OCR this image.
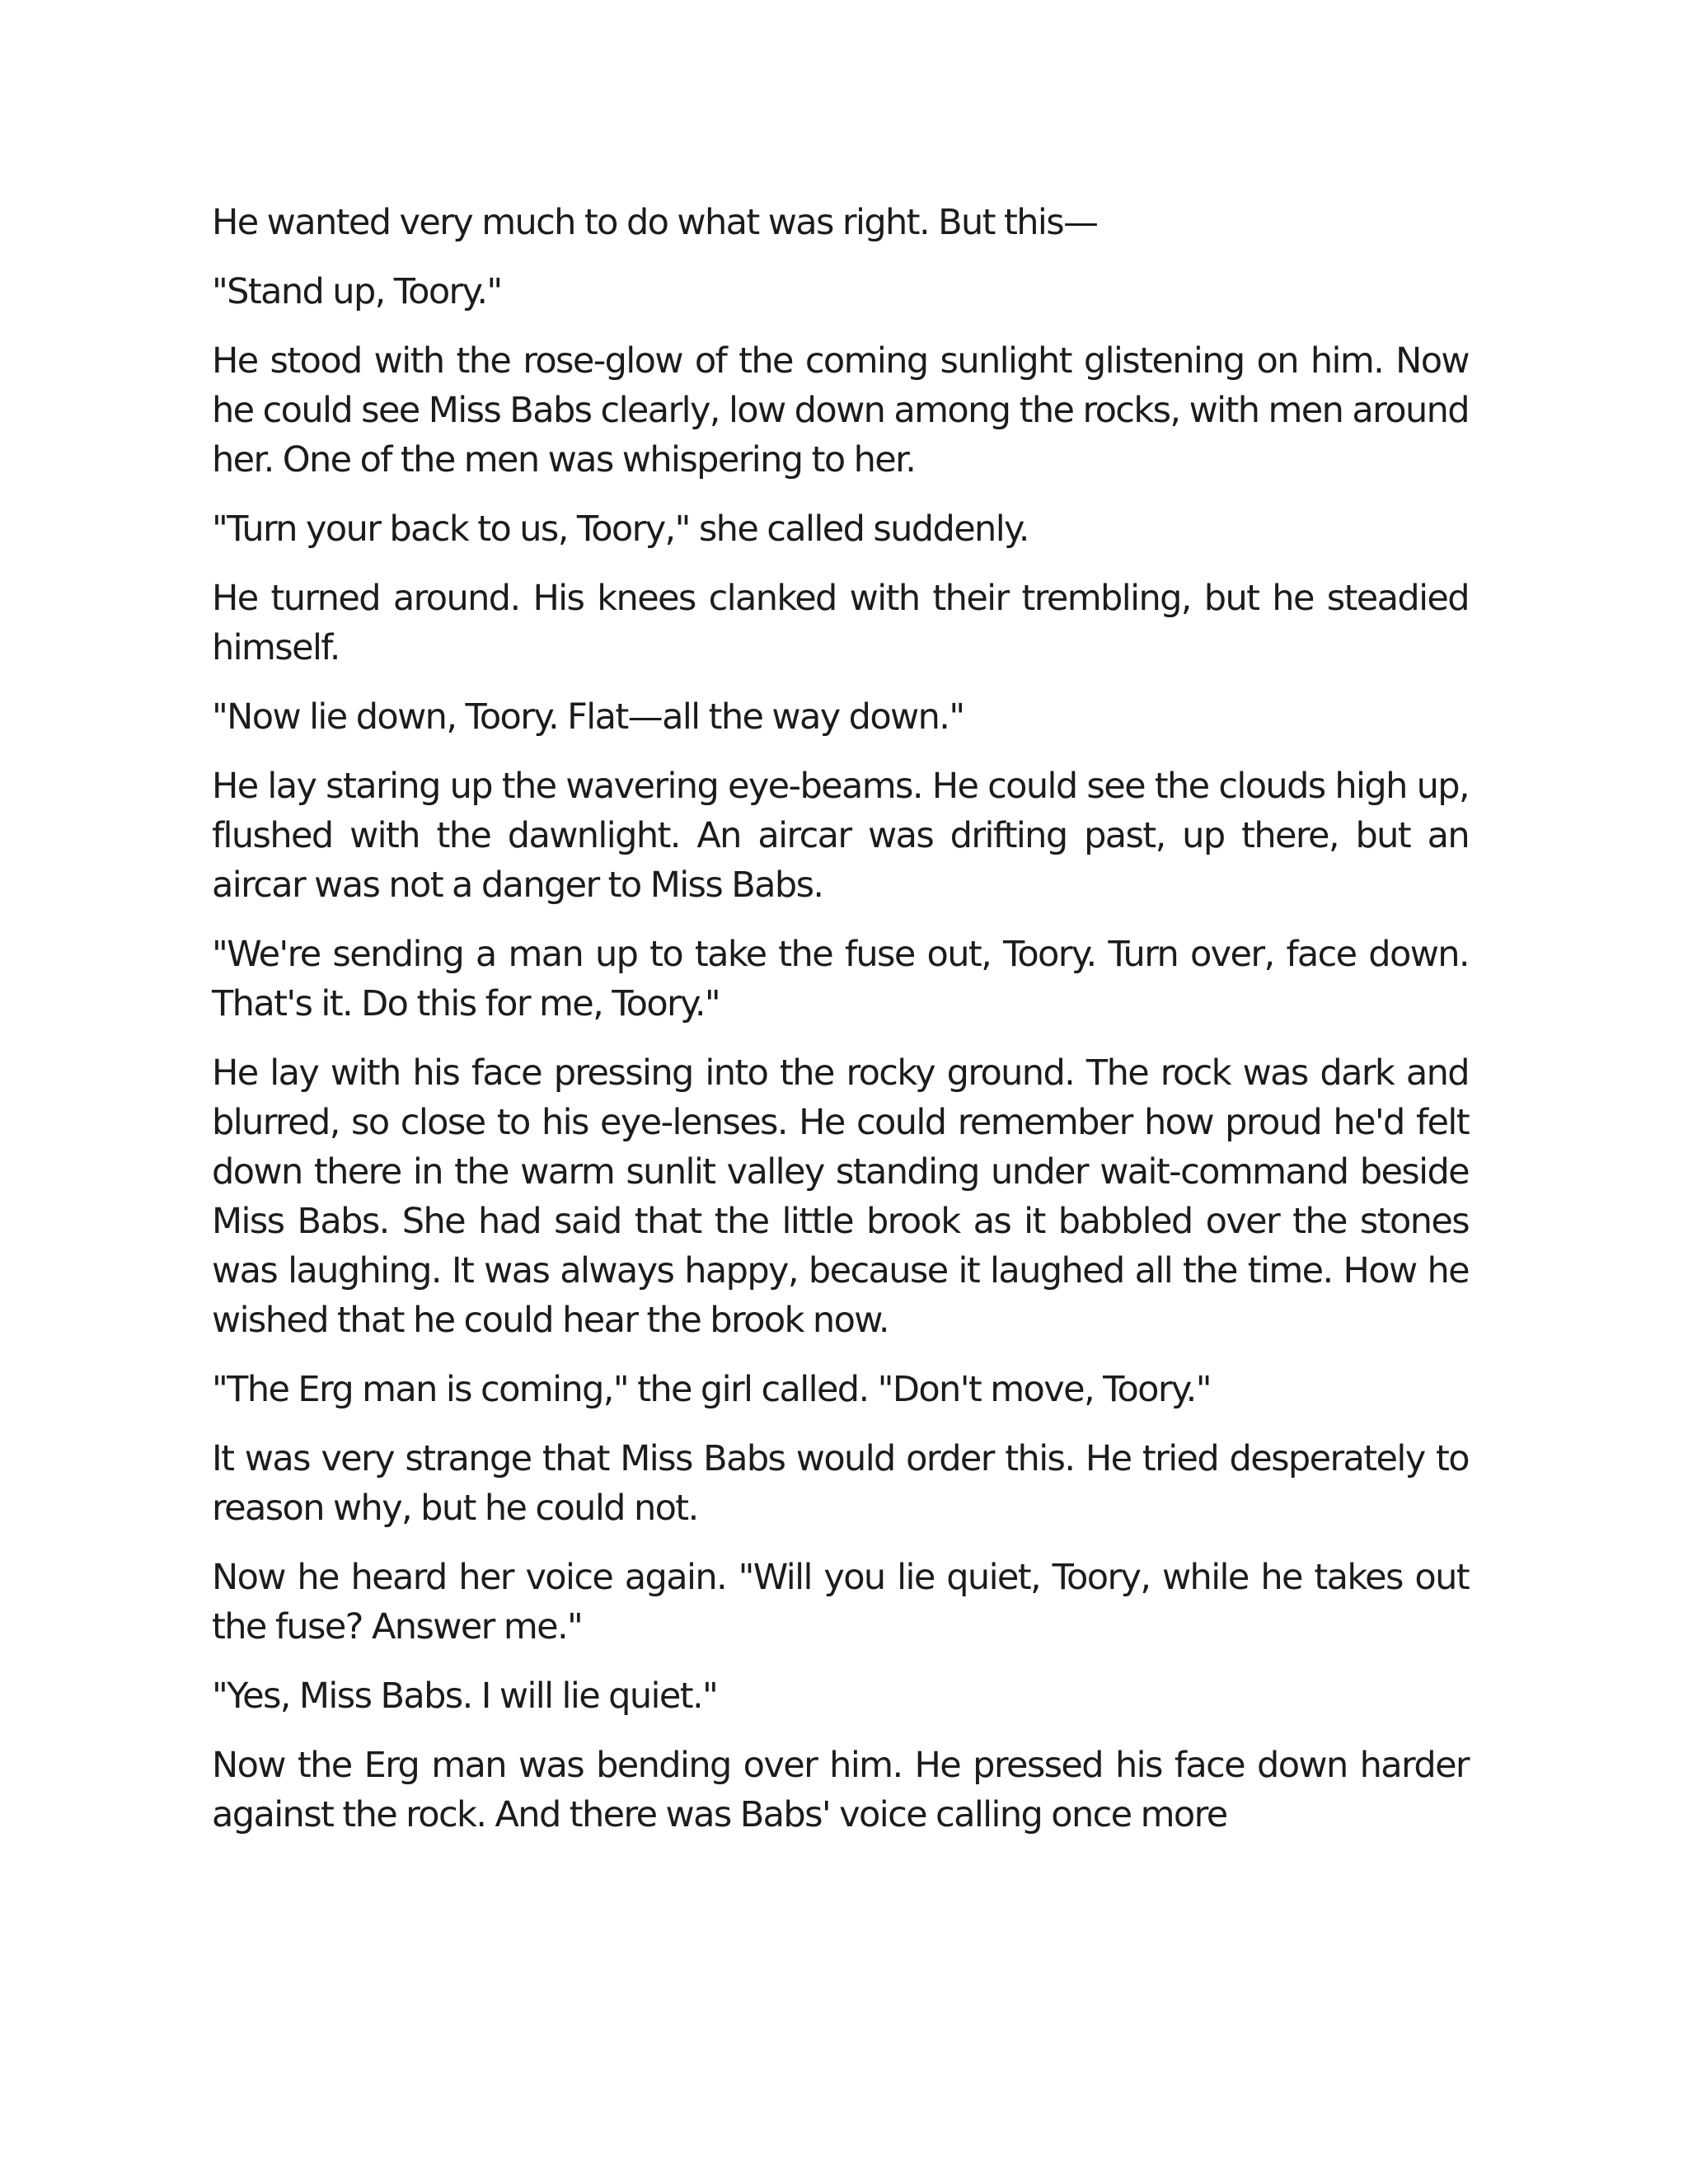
He wanted very much to do what was right. But this—

"Stand up, Toory."

He stood with the rose-glow of the coming sunlight glistening on him. Now he could see Miss Babs clearly, low down among the rocks, with men around her. One of the men was whispering to her.

"Turn your back to us, Toory," she called suddenly.

He turned around. His knees clanked with their trembling, but he steadied himself.

"Now lie down, Toory. Flat—all the way down."

He lay staring up the wavering eye-beams. He could see the clouds high up, flushed with the dawnlight. An aircar was drifting past, up there, but an aircar was not a danger to Miss Babs.

"We're sending a man up to take the fuse out, Toory. Turn over, face down. That's it. Do this for me, Toory."

He lay with his face pressing into the rocky ground. The rock was dark and blurred, so close to his eye-lenses. He could remember how proud he'd felt down there in the warm sunlit valley standing under wait-command beside Miss Babs. She had said that the little brook as it babbled over the stones was laughing. It was always happy, because it laughed all the time. How he wished that he could hear the brook now.

"The Erg man is coming," the girl called. "Don't move, Toory."

It was very strange that Miss Babs would order this. He tried desperately to reason why, but he could not.

Now he heard her voice again. "Will you lie quiet, Toory, while he takes out the fuse? Answer me."

"Yes, Miss Babs. I will lie quiet."

Now the Erg man was bending over him. He pressed his face down harder against the rock. And there was Babs' voice calling once more
